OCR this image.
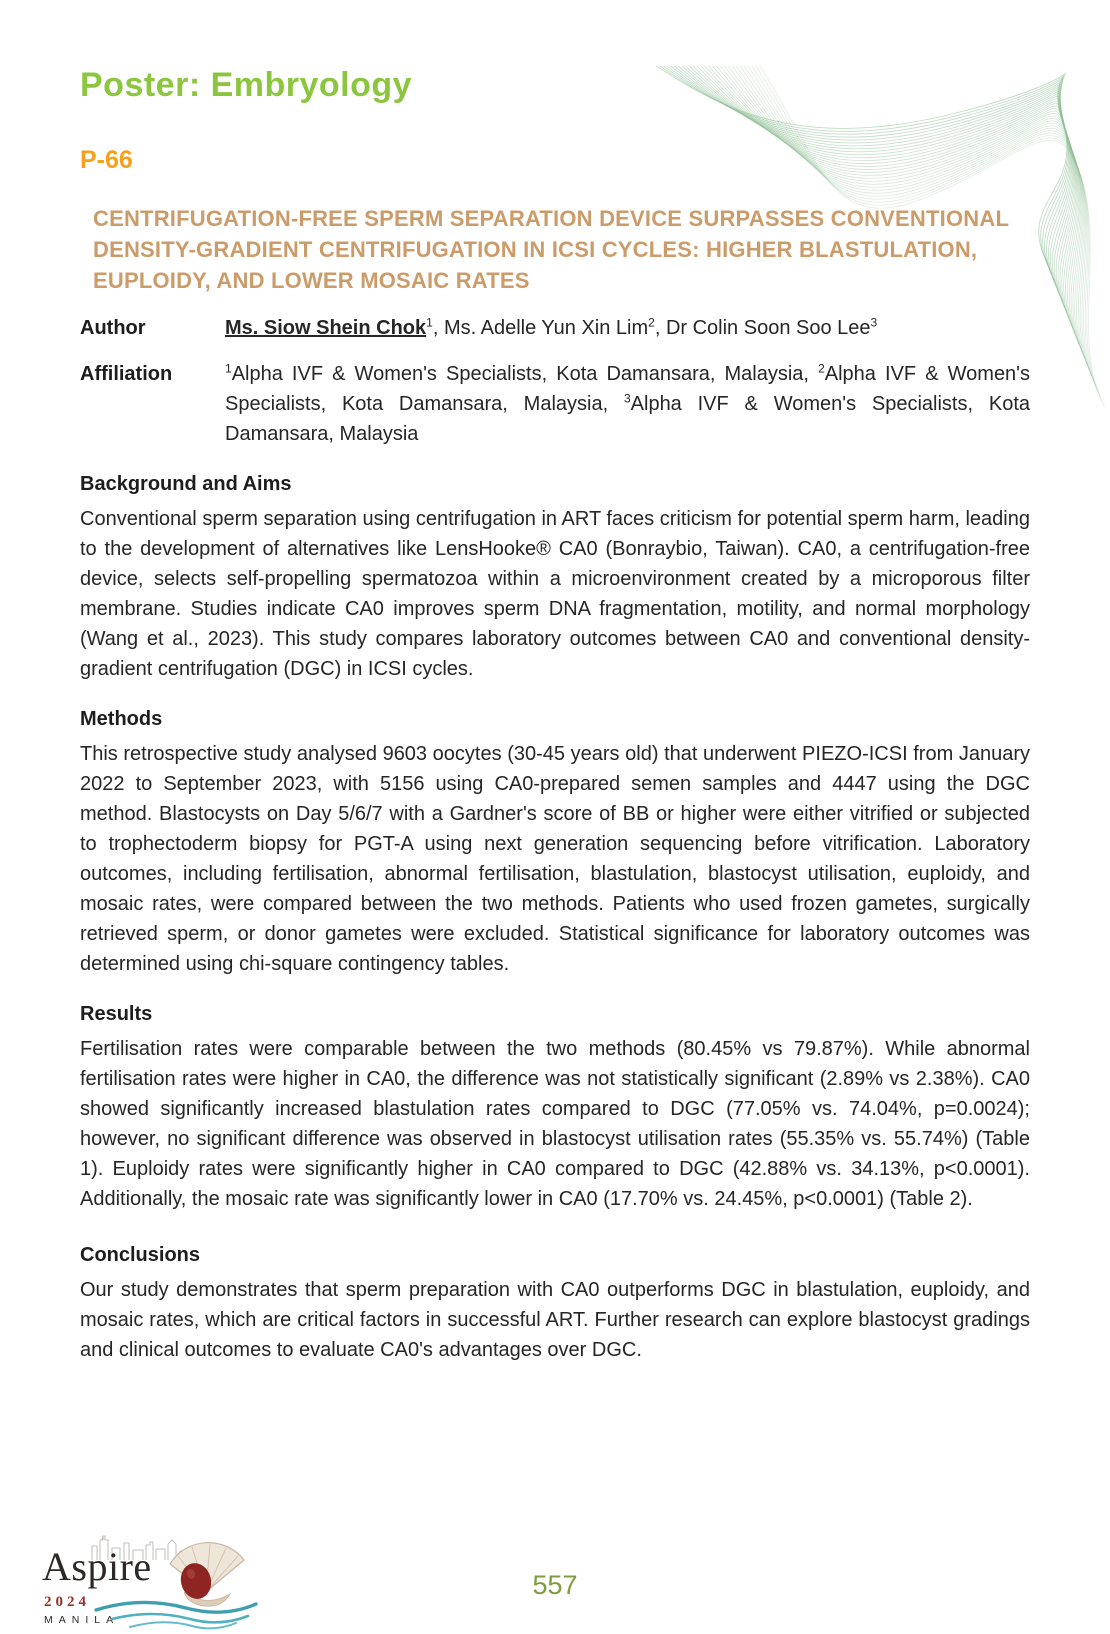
Poster: Embryology
P-66
CENTRIFUGATION-FREE SPERM SEPARATION DEVICE SURPASSES CONVENTIONAL DENSITY-GRADIENT CENTRIFUGATION IN ICSI CYCLES: HIGHER BLASTULATION, EUPLOIDY, AND LOWER MOSAIC RATES
Author	Ms. Siow Shein Chok$^1$, Ms. Adelle Yun Xin Lim$^2$, Dr Colin Soon Soo Lee$^3$
Affiliation	$^1$Alpha IVF & Women's Specialists, Kota Damansara, Malaysia, $^2$Alpha IVF & Women's Specialists, Kota Damansara, Malaysia, $^3$Alpha IVF & Women's Specialists, Kota Damansara, Malaysia
Background and Aims

Conventional sperm separation using centrifugation in ART faces criticism for potential sperm harm, leading to the development of alternatives like LensHooke® CA0 (Bonraybio, Taiwan). CA0, a centrifugation-free device, selects self-propelling spermatozoa within a microenvironment created by a microporous filter membrane. Studies indicate CA0 improves sperm DNA fragmentation, motility, and normal morphology (Wang et al., 2023). This study compares laboratory outcomes between CA0 and conventional density-gradient centrifugation (DGC) in ICSI cycles.

Methods

This retrospective study analysed 9603 oocytes (30-45 years old) that underwent PIEZO-ICSI from January 2022 to September 2023, with 5156 using CA0-prepared semen samples and 4447 using the DGC method. Blastocysts on Day 5/6/7 with a Gardner's score of BB or higher were either vitrified or subjected to trophectoderm biopsy for PGT-A using next generation sequencing before vitrification. Laboratory outcomes, including fertilisation, abnormal fertilisation, blastulation, blastocyst utilisation, euploidy, and mosaic rates, were compared between the two methods. Patients who used frozen gametes, surgically retrieved sperm, or donor gametes were excluded. Statistical significance for laboratory outcomes was determined using chi-square contingency tables.

Results

Fertilisation rates were comparable between the two methods (80.45% vs 79.87%). While abnormal fertilisation rates were higher in CA0, the difference was not statistically significant (2.89% vs 2.38%). CA0 showed significantly increased blastulation rates compared to DGC (77.05% vs. 74.04%, p=0.0024); however, no significant difference was observed in blastocyst utilisation rates (55.35% vs. 55.74%) (Table 1). Euploidy rates were significantly higher in CA0 compared to DGC (42.88% vs. 34.13%, p<0.0001). Additionally, the mosaic rate was significantly lower in CA0 (17.70% vs. 24.45%, p<0.0001) (Table 2).

Conclusions

Our study demonstrates that sperm preparation with CA0 outperforms DGC in blastulation, euploidy, and mosaic rates, which are critical factors in successful ART. Further research can explore blastocyst gradings and clinical outcomes to evaluate CA0's advantages over DGC.

Aspire
2024
MANILA
557
